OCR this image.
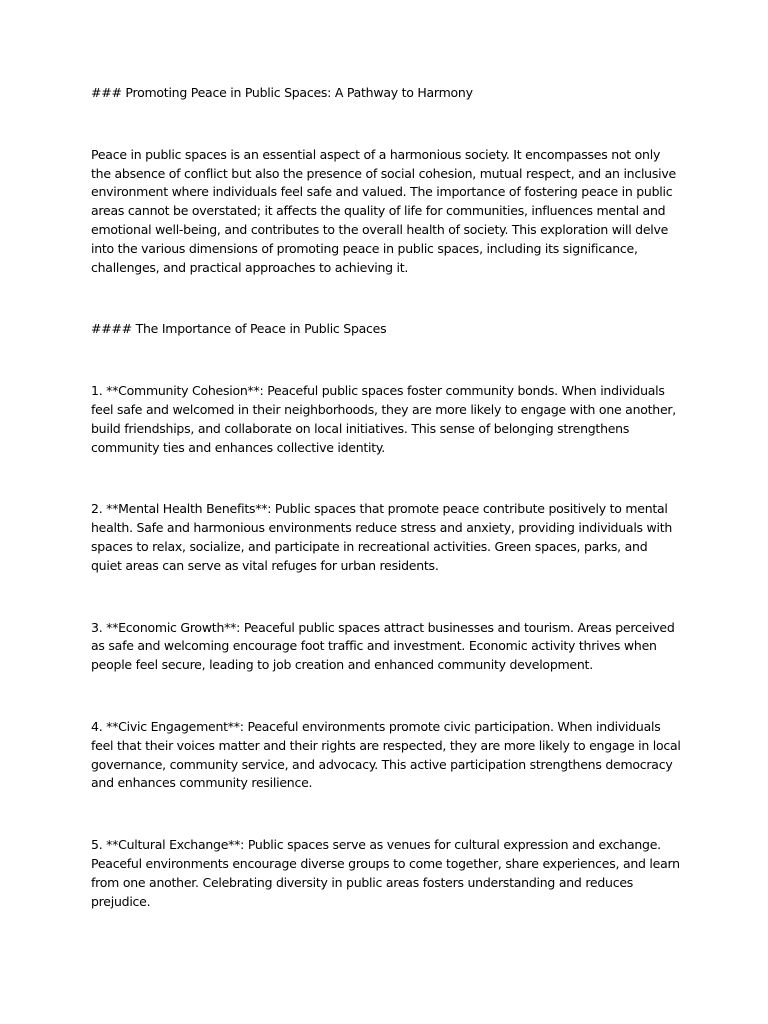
### Promoting Peace in Public Spaces: A Pathway to Harmony

Peace in public spaces is an essential aspect of a harmonious society. It encompasses not only the absence of conflict but also the presence of social cohesion, mutual respect, and an inclusive environment where individuals feel safe and valued. The importance of fostering peace in public areas cannot be overstated; it affects the quality of life for communities, influences mental and emotional well-being, and contributes to the overall health of society. This exploration will delve into the various dimensions of promoting peace in public spaces, including its significance, challenges, and practical approaches to achieving it.

#### The Importance of Peace in Public Spaces

1. **Community Cohesion**: Peaceful public spaces foster community bonds. When individuals feel safe and welcomed in their neighborhoods, they are more likely to engage with one another, build friendships, and collaborate on local initiatives. This sense of belonging strengthens community ties and enhances collective identity.

2. **Mental Health Benefits**: Public spaces that promote peace contribute positively to mental health. Safe and harmonious environments reduce stress and anxiety, providing individuals with spaces to relax, socialize, and participate in recreational activities. Green spaces, parks, and quiet areas can serve as vital refuges for urban residents.

3. **Economic Growth**: Peaceful public spaces attract businesses and tourism. Areas perceived as safe and welcoming encourage foot traffic and investment. Economic activity thrives when people feel secure, leading to job creation and enhanced community development.

4. **Civic Engagement**: Peaceful environments promote civic participation. When individuals feel that their voices matter and their rights are respected, they are more likely to engage in local governance, community service, and advocacy. This active participation strengthens democracy and enhances community resilience.

5. **Cultural Exchange**: Public spaces serve as venues for cultural expression and exchange. Peaceful environments encourage diverse groups to come together, share experiences, and learn from one another. Celebrating diversity in public areas fosters understanding and reduces prejudice.
